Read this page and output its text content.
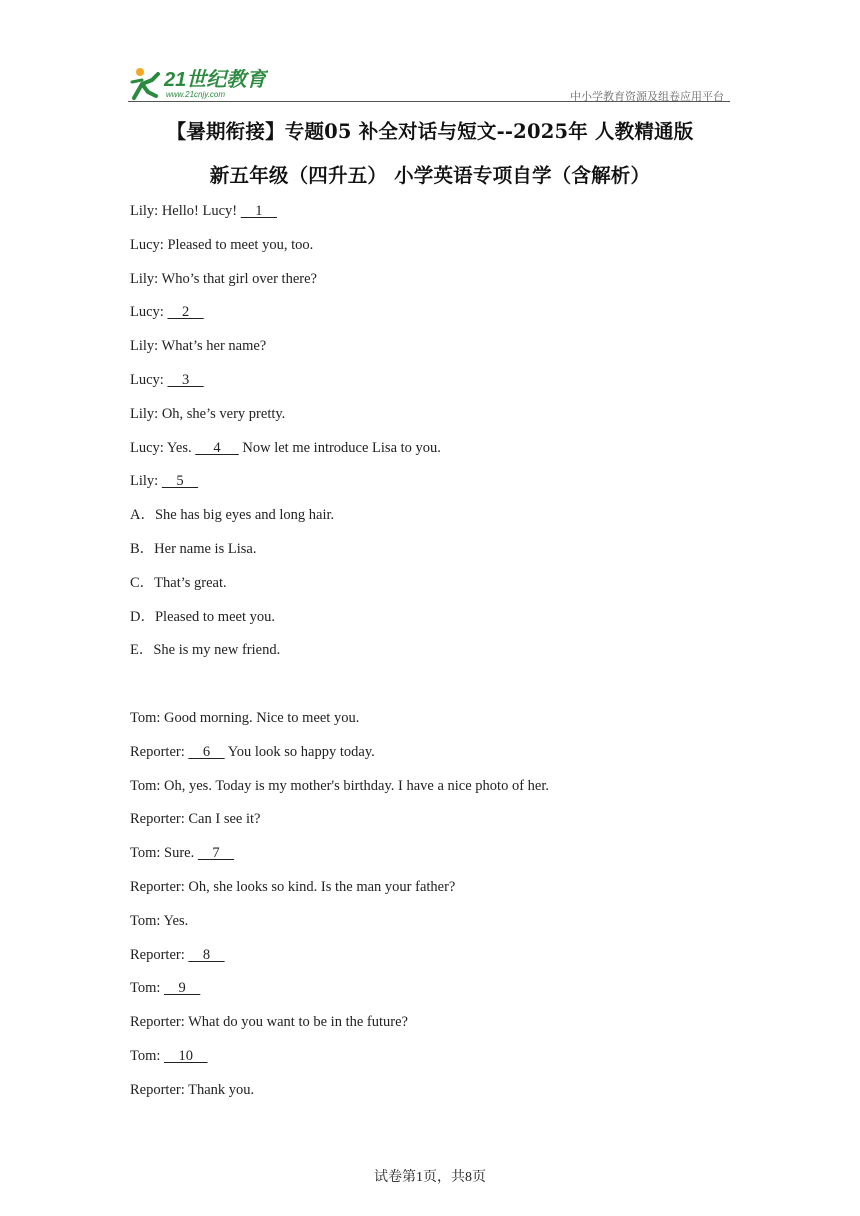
21世纪教育
www.21cnjy.com	中小学教育资源及组卷应用平台
【暑期衔接】专题05 补全对话与短文--2025年 人教精通版
新五年级（四升五） 小学英语专项自学（含解析）
Lily: Hello! Lucy!     1
Lucy: Pleased to meet you, too.
Lily: Who’s that girl over there?
Lucy:     2
Lily: What’s her name?
Lucy:     3
Lily: Oh, she’s very pretty.
Lucy: Yes.      4      Now let me introduce Lisa to you.
Lily:     5
A．She has big eyes and long hair.
B．Her name is Lisa.
C．That’s great.
D．Pleased to meet you.
E．She is my new friend.
Tom: Good morning. Nice to meet you.
Reporter:     6     You look so happy today.
Tom: Oh, yes. Today is my mother's birthday. I have a nice photo of her.
Reporter: Can I see it?
Tom: Sure.     7
Reporter: Oh, she looks so kind. Is the man your father?
Tom: Yes.
Reporter:     8
Tom:     9
Reporter: What do you want to be in the future?
Tom:     10
Reporter: Thank you.
试卷第1页，共8页
